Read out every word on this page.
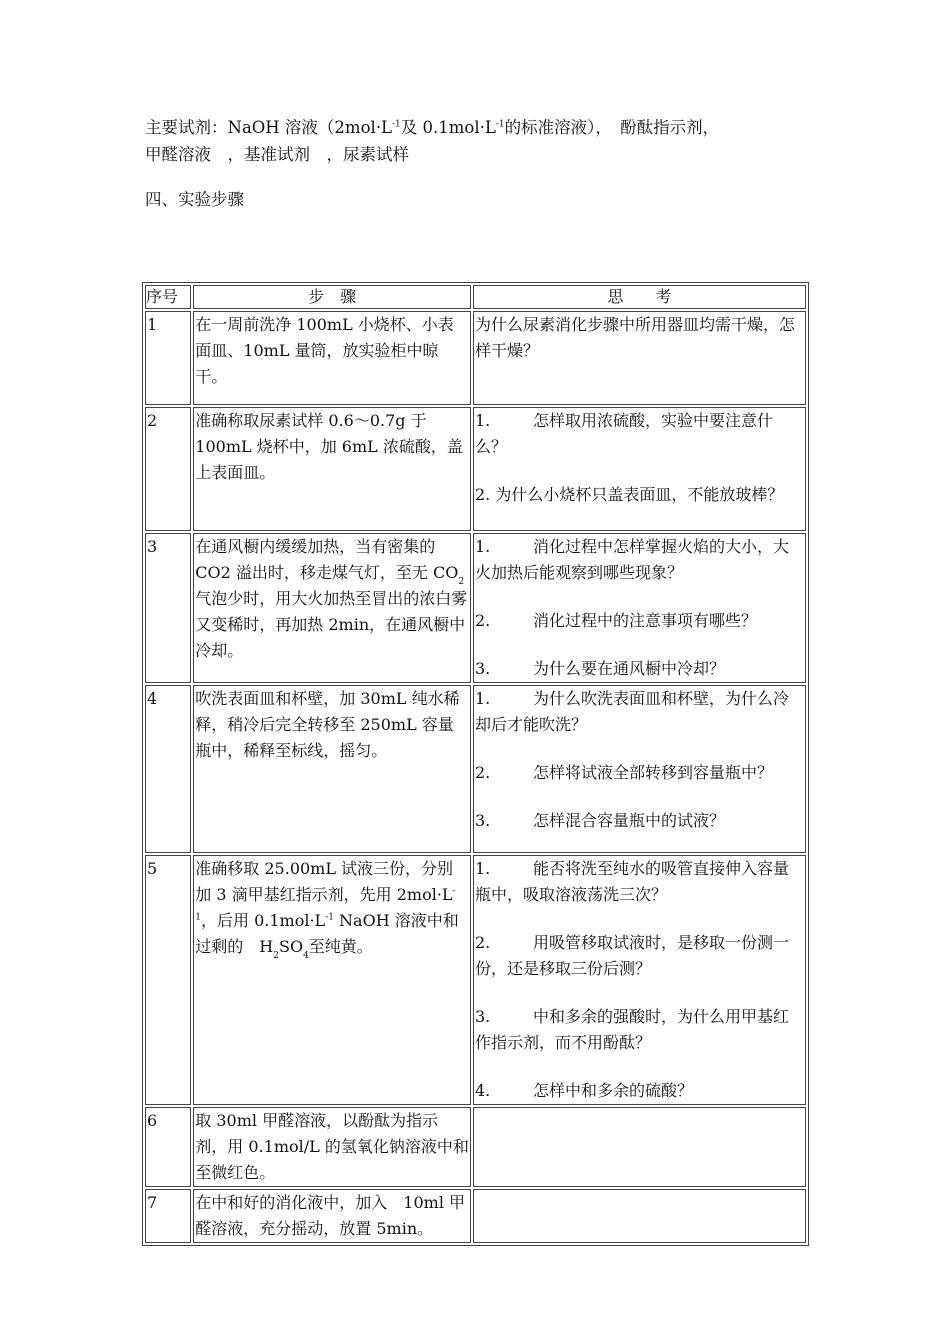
主要试剂：NaOH 溶液（$2mol\cdot L^{-1}$及 $0.1mol\cdot L^{-1}$的标准溶液），　酚酞指示剂，
甲醛溶液　，基准试剂　，尿素试样
四、实验步骤
序号	步　骤	思　　考
1	在一周前洗净 100mL 小烧杯、小表面皿、10mL 量筒，放实验柜中晾干。	为什么尿素消化步骤中所用器皿均需干燥，怎样干燥？

2	准确称取尿素试样 0.6～0.7g 于 100mL 烧杯中，加 6mL 浓硫酸，盖上表面皿。	1. 怎样取用浓硫酸，实验中要注意什么？

2. 为什么小烧杯只盖表面皿，不能放玻棒？

3	在通风橱内缓缓加热，当有密集的 CO2 溢出时，移走煤气灯，至无 $CO_2$气泡少时，用大火加热至冒出的浓白雾又变稀时，再加热 2min，在通风橱中冷却。	1. 消化过程中怎样掌握火焰的大小，大火加热后能观察到哪些现象？

2. 消化过程中的注意事项有哪些？

3. 为什么要在通风橱中冷却？

4	吹洗表面皿和杯壁，加 30mL 纯水稀释，稍冷后完全转移至 250mL 容量瓶中，稀释至标线，摇匀。	1. 为什么吹洗表面皿和杯壁，为什么冷却后才能吹洗？

2. 怎样将试液全部转移到容量瓶中？

3. 怎样混合容量瓶中的试液？

5	准确移取 25.00mL 试液三份，分别加 3 滴甲基红指示剂，先用 $2mol\cdot L^{-1}$，后用 $0.1mol\cdot L^{-1}$ NaOH 溶液中和过剩的　$H_2SO_4$至纯黄。	1. 能否将洗至纯水的吸管直接伸入容量瓶中，吸取溶液荡洗三次？

2. 用吸管移取试液时，是移取一份测一份，还是移取三份后测？

3. 中和多余的强酸时，为什么用甲基红作指示剂，而不用酚酞？

4. 怎样中和多余的硫酸？

6	取 30ml 甲醛溶液，以酚酞为指示剂，用 0.1mol/L 的氢氧化钠溶液中和至微红色。	
7	在中和好的消化液中，加入　10ml 甲醛溶液，充分摇动，放置 5min。	
